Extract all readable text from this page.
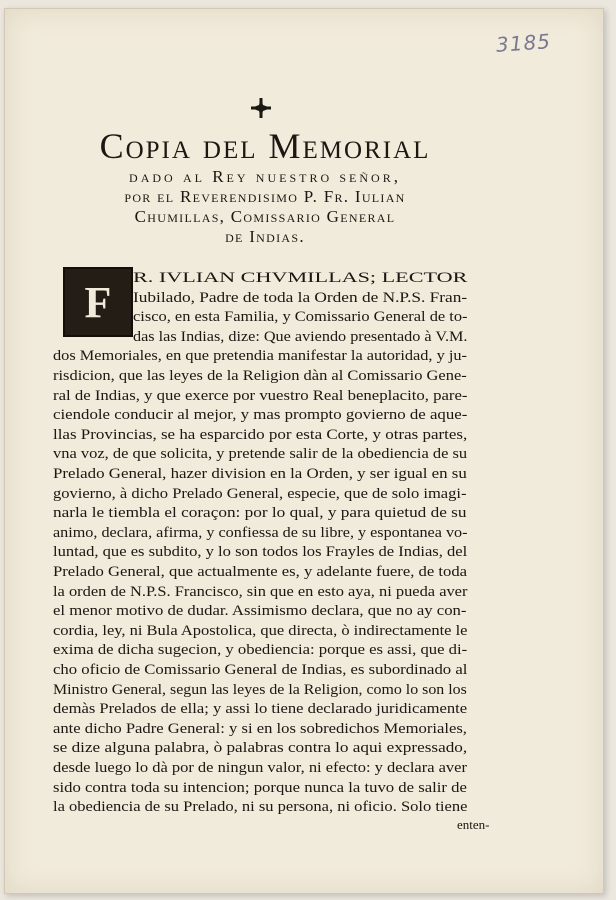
3185
Copia del Memorial
dado al Rey nuestro señor,
por el Reverendisimo P. Fr. Iulian
Chumillas, Comissario General
de Indias.
F	R. IVLIAN CHVMILLAS; LECTOR
Iubilado, Padre de toda la Orden de N.P.S. Fran-
cisco, en esta Familia, y Comissario General de to-
das las Indias, dize: Que aviendo presentado à V.M.
dos Memoriales, en que pretendia manifestar la autoridad, y ju-
risdicion, que las leyes de la Religion dàn al Comissario Gene-
ral de Indias, y que exerce por vuestro Real beneplacito, pare-
ciendole conducir al mejor, y mas prompto govierno de aque-
llas Provincias, se ha esparcido por esta Corte, y otras partes,
vna voz, de que solicita, y pretende salir de la obediencia de su
Prelado General, hazer division en la Orden, y ser igual en su
govierno, à dicho Prelado General, especie, que de solo imagi-
narla le tiembla el coraçon: por lo qual, y para quietud de su
animo, declara, afirma, y confiessa de su libre, y espontanea vo-
luntad, que es subdito, y lo son todos los Frayles de Indias, del
Prelado General, que actualmente es, y adelante fuere, de toda
la orden de N.P.S. Francisco, sin que en esto aya, ni pueda aver
el menor motivo de dudar. Assimismo declara, que no ay con-
cordia, ley, ni Bula Apostolica, que directa, ò indirectamente le
exima de dicha sugecion, y obediencia: porque es assi, que di-
cho oficio de Comissario General de Indias, es subordinado al
Ministro General, segun las leyes de la Religion, como lo son los
demàs Prelados de ella; y assi lo tiene declarado juridicamente
ante dicho Padre General: y si en los sobredichos Memoriales,
se dize alguna palabra, ò palabras contra lo aqui expressado,
desde luego lo dà por de ningun valor, ni efecto: y declara aver
sido contra toda su intencion; porque nunca la tuvo de salir de
la obediencia de su Prelado, ni su persona, ni oficio. Solo tiene
enten-
